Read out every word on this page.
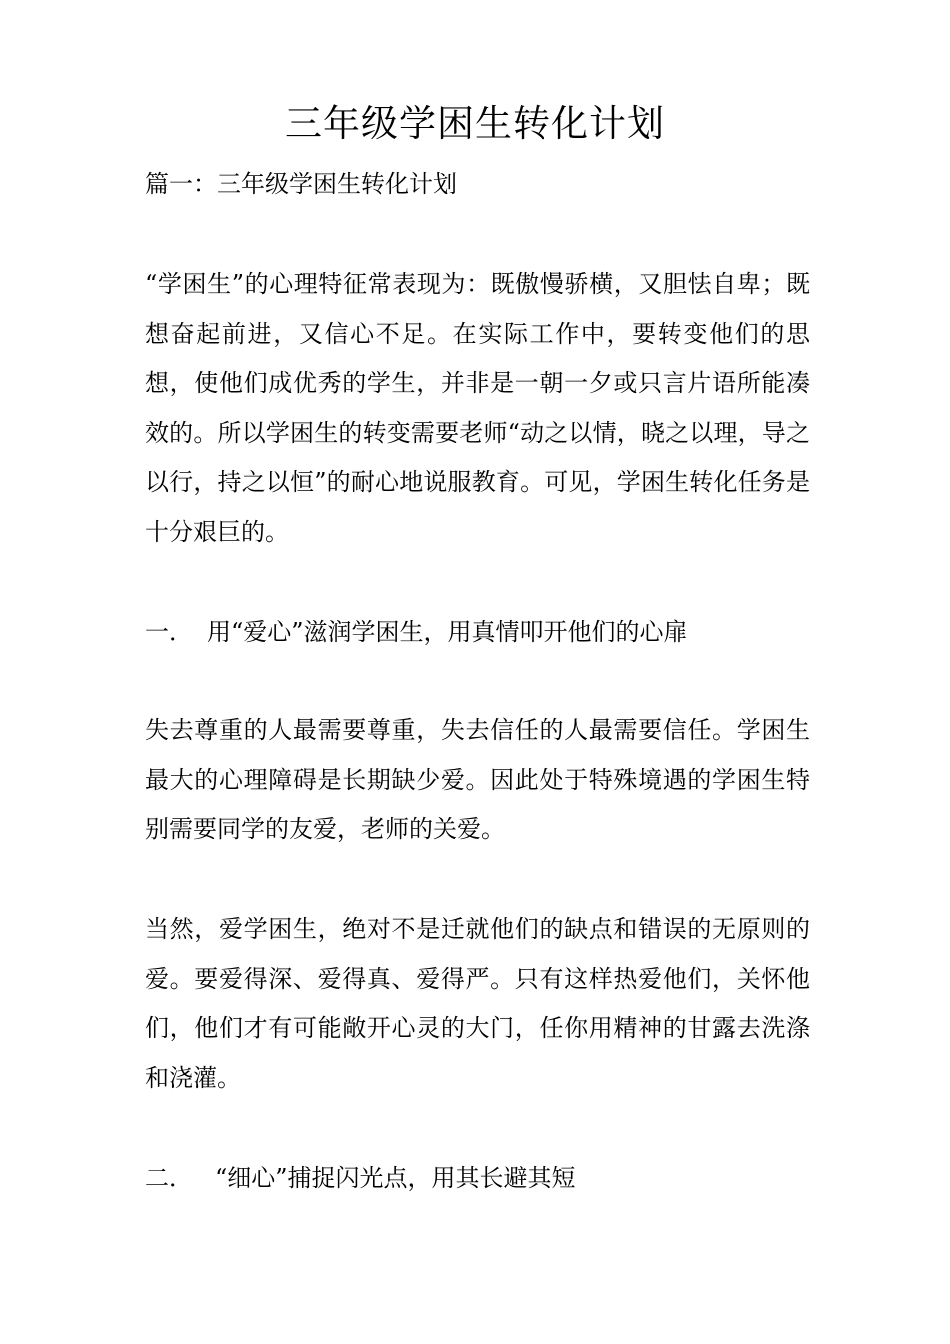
三年级学困生转化计划

篇一：三年级学困生转化计划

“学困生”的心理特征常表现为：既傲慢骄横，又胆怯自卑；既想奋起前进，又信心不足。在实际工作中，要转变他们的思想，使他们成优秀的学生，并非是一朝一夕或只言片语所能凑效的。所以学困生的转变需要老师“动之以情，晓之以理，导之以行，持之以恒”的耐心地说服教育。可见，学困生转化任务是十分艰巨的。

一． 用“爱心”滋润学困生，用真情叩开他们的心扉

失去尊重的人最需要尊重，失去信任的人最需要信任。学困生最大的心理障碍是长期缺少爱。因此处于特殊境遇的学困生特别需要同学的友爱，老师的关爱。

当然，爱学困生，绝对不是迁就他们的缺点和错误的无原则的爱。要爱得深、爱得真、爱得严。只有这样热爱他们，关怀他们，他们才有可能敞开心灵的大门，任你用精神的甘露去洗涤和浇灌。

二． “细心”捕捉闪光点，用其长避其短
